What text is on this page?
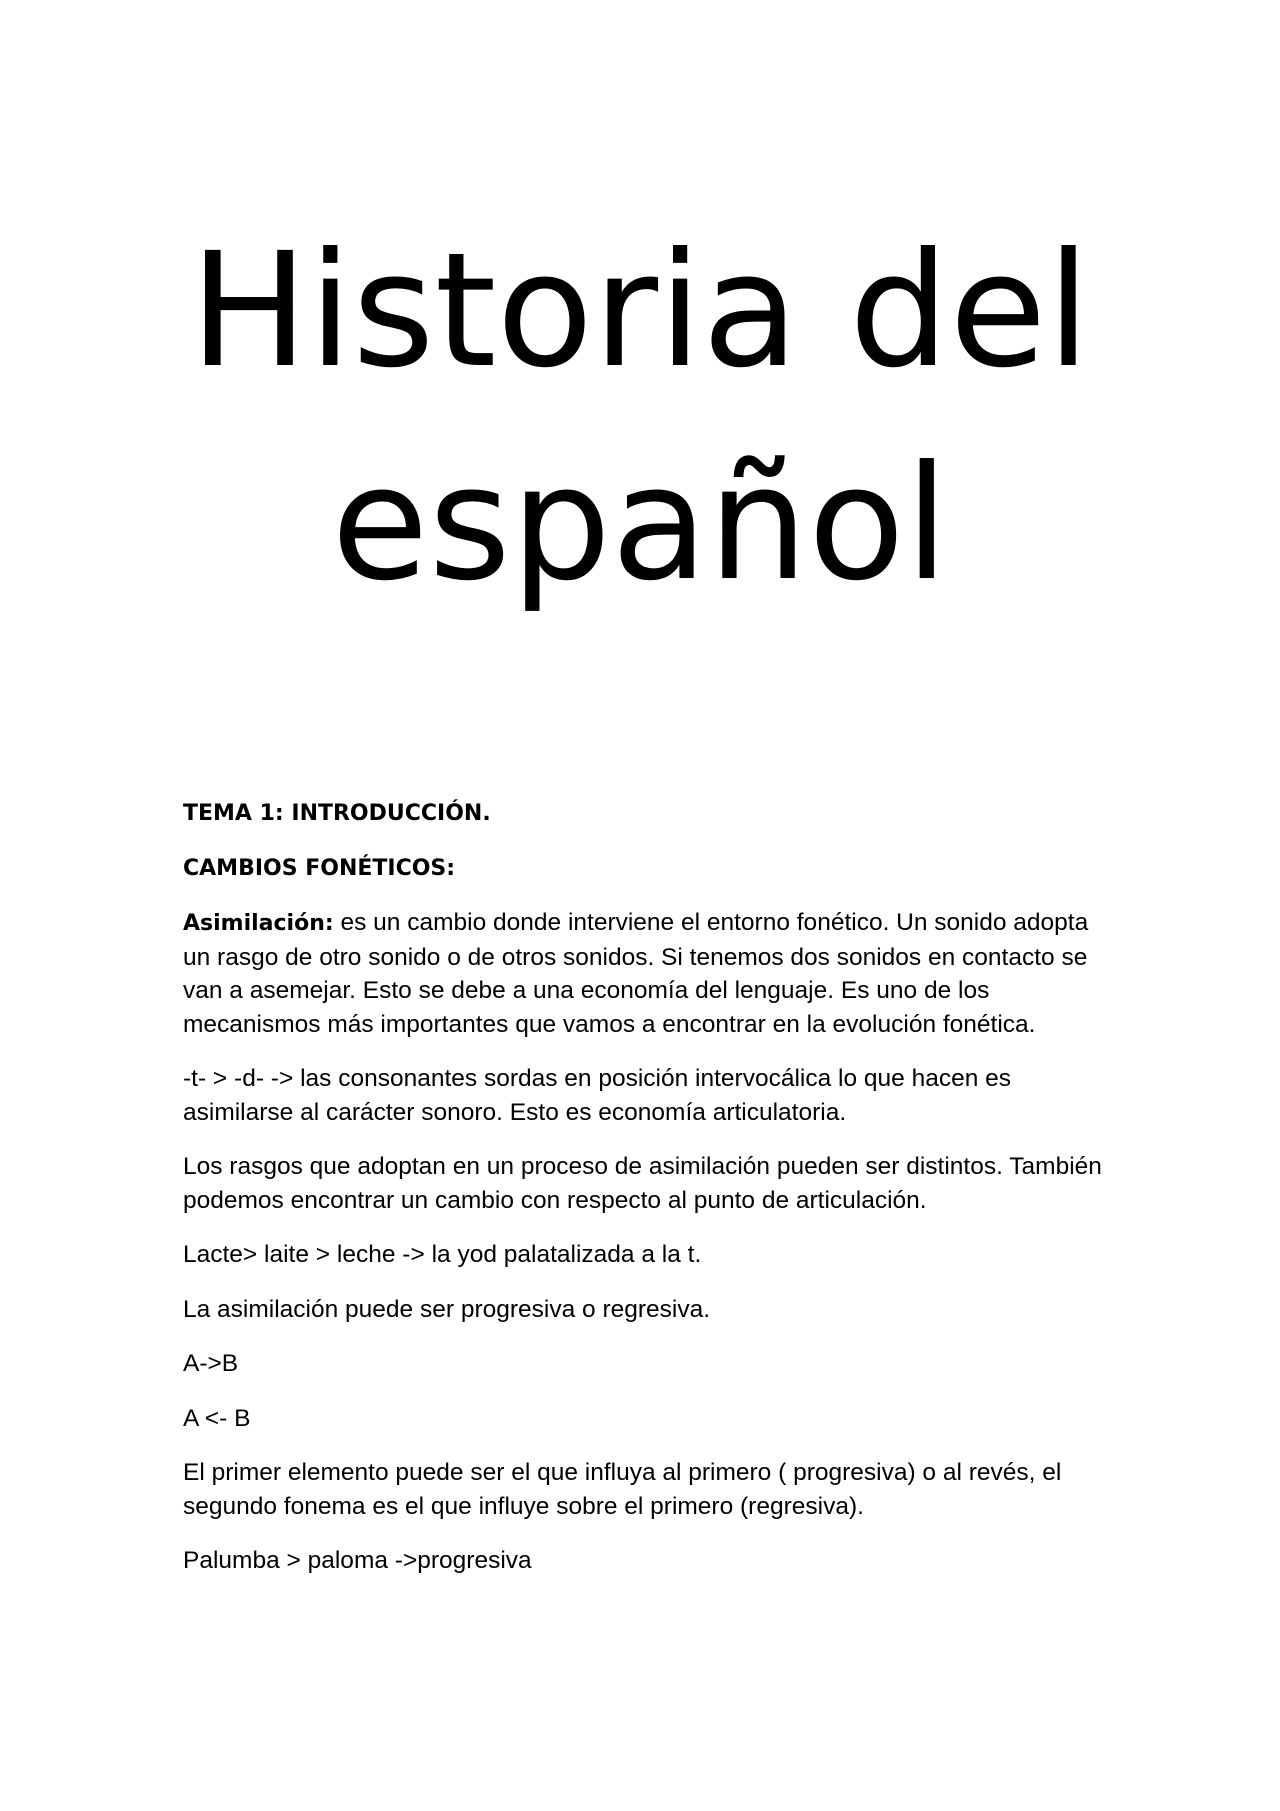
Historia del
español

TEMA 1: INTRODUCCIÓN.

CAMBIOS FONÉTICOS:

Asimilación: es un cambio donde interviene el entorno fonético. Un sonido adopta un rasgo de otro sonido o de otros sonidos. Si tenemos dos sonidos en contacto se van a asemejar. Esto se debe a una economía del lenguaje. Es uno de los mecanismos más importantes que vamos a encontrar en la evolución fonética.

-t- > -d- -> las consonantes sordas en posición intervocálica lo que hacen es asimilarse al carácter sonoro. Esto es economía articulatoria.

Los rasgos que adoptan en un proceso de asimilación pueden ser distintos. También podemos encontrar un cambio con respecto al punto de articulación.

Lacte> laite > leche -> la yod palatalizada a la t.

La asimilación puede ser progresiva o regresiva.

A->B

A <- B

El primer elemento puede ser el que influya al primero ( progresiva) o al revés, el segundo fonema es el que influye sobre el primero (regresiva).

Palumba > paloma ->progresiva
